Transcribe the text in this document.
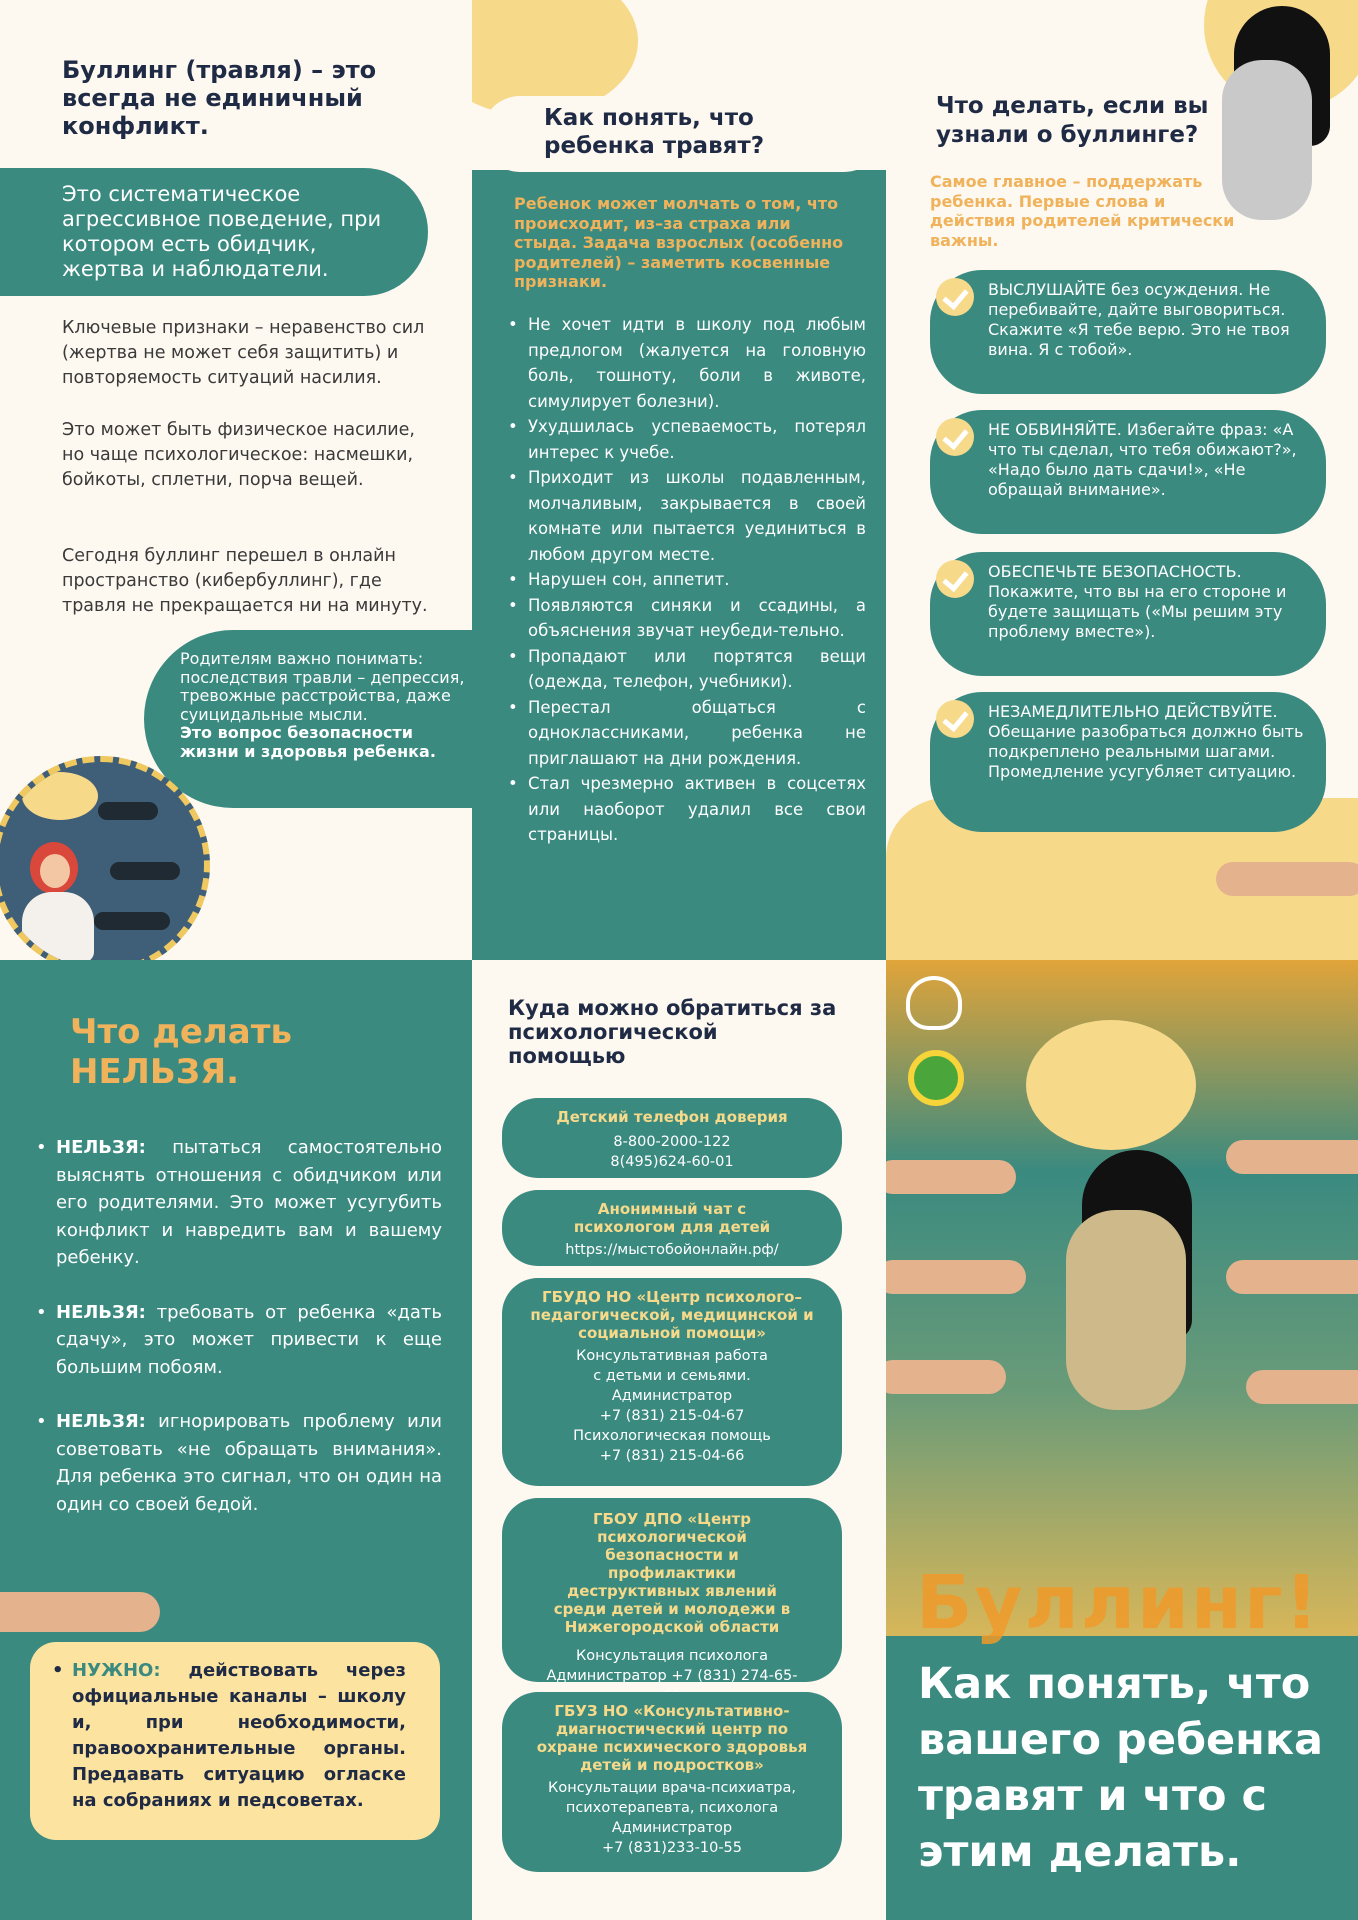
Буллинг (травля) – это всегда не единичный конфликт.
Это систематическое агрессивное поведение, при котором есть обидчик, жертва и наблюдатели.
Ключевые признаки – неравенство сил (жертва не может себя защитить) и повторяемость ситуаций насилия.
Это может быть физическое насилие, но чаще психологическое: насмешки, бойкоты, сплетни, порча вещей.
Сегодня буллинг перешел в онлайн пространство (кибербуллинг), где травля не прекращается ни на минуту.
Родителям важно понимать: последствия травли – депрессия, тревожные расстройства, даже суицидальные мысли.
Это вопрос безопасности жизни и здоровья ребенка.
Как понять, что ребенка травят?
Ребенок может молчать о том, что происходит, из–за страха или стыда. Задача взрослых (особенно родителей) – заметить косвенные признаки.
• Не хочет идти в школу под любым предлогом (жалуется на головную боль, тошноту, боли в животе, симулирует болезни).
• Ухудшилась успеваемость, потерял интерес к учебе.
• Приходит из школы подавленным, молчаливым, закрывается в своей комнате или пытается уединиться в любом другом месте.
• Нарушен сон, аппетит.
• Появляются синяки и ссадины, а объяснения звучат неубеди-тельно.
• Пропадают или портятся вещи (одежда, телефон, учебники).
• Перестал общаться с одноклассниками, ребенка не приглашают на дни рождения.
• Стал чрезмерно активен в соцсетях или наоборот удалил все свои страницы.
Что делать, если вы узнали о буллинге?
Самое главное – поддержать ребенка. Первые слова и действия родителей критически важны.
ВЫСЛУШАЙТЕ без осуждения. Не перебивайте, дайте выговориться. Скажите «Я тебе верю. Это не твоя вина. Я с тобой».
НЕ ОБВИНЯЙТЕ. Избегайте фраз: «А что ты сделал, что тебя обижают?», «Надо было дать сдачи!», «Не обращай внимание».
ОБЕСПЕЧЬТЕ БЕЗОПАСНОСТЬ. Покажите, что вы на его стороне и будете защищать («Мы решим эту проблему вместе»).
НЕЗАМЕДЛИТЕЛЬНО ДЕЙСТВУЙТЕ. Обещание разобраться должно быть подкреплено реальными шагами. Промедление усугубляет ситуацию.
Что делать
НЕЛЬЗЯ.
• НЕЛЬЗЯ: пытаться самостоятельно выяснять отношения с обидчиком или его родителями. Это может усугубить конфликт и навредить вам и вашему ребенку.
• НЕЛЬЗЯ: требовать от ребенка «дать сдачу», это может привести к еще большим побоям.
• НЕЛЬЗЯ: игнорировать проблему или советовать «не обращать внимания». Для ребенка это сигнал, что он один на один со своей бедой.
• НУЖНО: действовать через официальные каналы – школу и, при необходимости, правоохранительные органы. Предавать ситуацию огласке на собраниях и педсоветах.
Куда можно обратиться за психологической помощью
Детский телефон доверия
8-800-2000-122
8(495)624-60-01
Анонимный чат с психологом для детей
https://мыстобойонлайн.рф/
ГБУДО НО «Центр психолого–педагогической, медицинской и социальной помощи»
Консультативная работа
с детьми и семьями.
Администратор
+7 (831) 215-04-67
Психологическая помощь
+7 (831) 215-04-66
ГБОУ ДПО «Центр психологической безопасности и профилактики деструктивных явлений среди детей и молодежи в Нижегородской области
Консультация психолога
Администратор +7 (831) 274-65-
ГБУЗ НО «Консультативно-диагностический центр по охране психического здоровья детей и подростков»
Консультации врача-психиатра,
психотерапевта, психолога
Администратор
+7 (831)233-10-55
Буллинг!
Как понять, что вашего ребенка травят и что с этим делать.
